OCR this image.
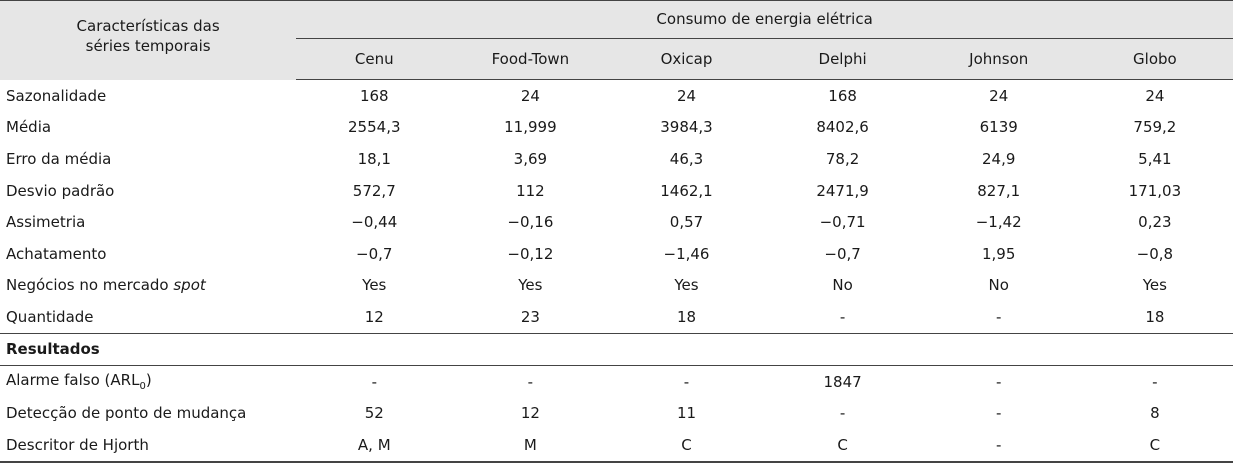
Características das
séries temporais	Consumo de energia elétrica					
	Cenu	Food-Town	Oxicap	Delphi	Johnson	Globo
Sazonalidade	168	24	24	168	24	24
Média	2554,3	11,999	3984,3	8402,6	6139	759,2
Erro da média	18,1	3,69	46,3	78,2	24,9	5,41
Desvio padrão	572,7	112	1462,1	2471,9	827,1	171,03
Assimetria	−0,44	−0,16	0,57	−0,71	−1,42	0,23
Achatamento	−0,7	−0,12	−1,46	−0,7	1,95	−0,8
Negócios no mercado spot	Yes	Yes	Yes	No	No	Yes
Quantidade	12	23	18	-	-	18
Resultados						
Alarme falso $(ARL_0)$	-	-	-	1847	-	-
Detecção de ponto de mudança	52	12	11	-	-	8
Descritor de Hjorth	A, M	M	C	C	-	C
